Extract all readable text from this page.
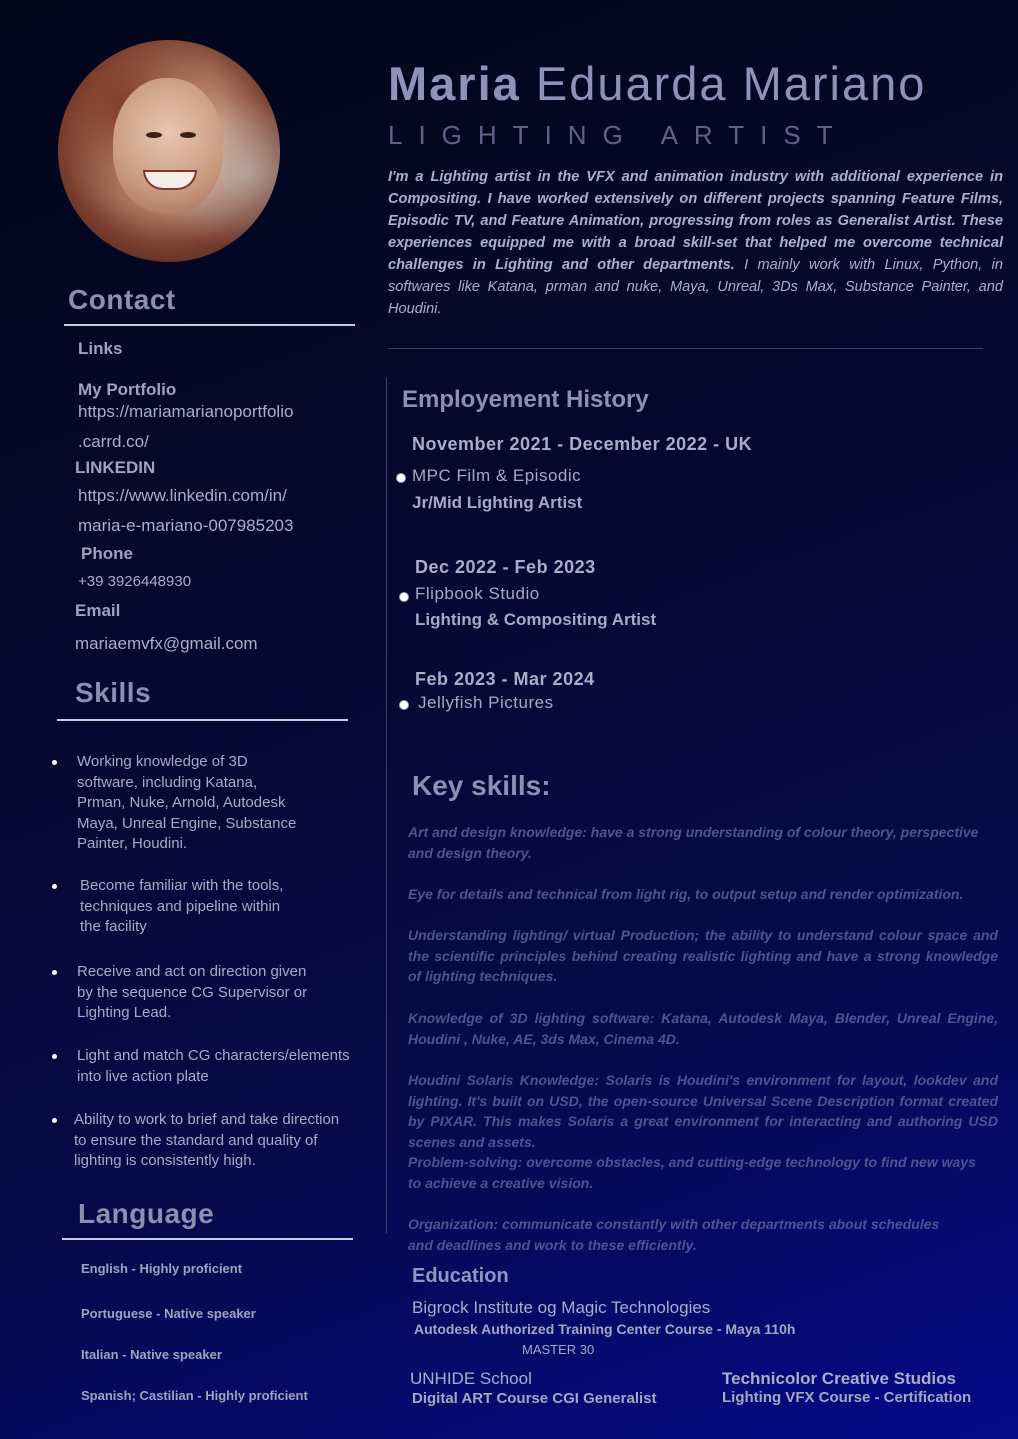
Maria Eduarda Mariano
LIGHTING ARTIST
I'm a Lighting artist in the VFX and animation industry with additional experience in Compositing. I have worked extensively on different projects spanning Feature Films, Episodic TV, and Feature Animation, progressing from roles as Generalist Artist. These experiences equipped me with a broad skill-set that helped me overcome technical challenges in Lighting and other departments. I mainly work with Linux, Python, in softwares like Katana, prman and nuke, Maya, Unreal, 3Ds Max, Substance Painter, and Houdini.
Contact
Links
My Portfolio
https://mariamarianoportfolio
.carrd.co/
LINKEDIN
https://www.linkedin.com/in/
maria-e-mariano-007985203
Phone
+39 3926448930
Email
mariaemvfx@gmail.com
Skills
Working knowledge of 3D
software, including Katana,
Prman, Nuke, Arnold, Autodesk
Maya, Unreal Engine, Substance
Painter, Houdini.
Become familiar with the tools,
techniques and pipeline within
the facility
Receive and act on direction given
by the sequence CG Supervisor or
Lighting Lead.
Light and match CG characters/elements
into live action plate
Ability to work to brief and take direction
to ensure the standard and quality of
lighting is consistently high.
Language
English - Highly proficient
Portuguese - Native speaker
Italian - Native speaker
Spanish; Castilian - Highly proficient
Employement History
November 2021 - December 2022 - UK
MPC Film & Episodic
Jr/Mid Lighting Artist
Dec 2022 - Feb 2023
Flipbook Studio
Lighting & Compositing Artist
Feb 2023 - Mar 2024
Jellyfish Pictures
Key skills:
Art and design knowledge: have a strong understanding of colour theory, perspective
and design theory.
Eye for details and technical from light rig, to output setup and render optimization.
Understanding lighting/ virtual Production; the ability to understand colour space and the scientific principles behind creating realistic lighting and have a strong knowledge of lighting techniques.
Knowledge of 3D lighting software: Katana, Autodesk Maya, Blender, Unreal Engine, Houdini , Nuke, AE, 3ds Max, Cinema 4D.
Houdini Solaris Knowledge: Solaris is Houdini's environment for layout, lookdev and lighting. It's built on USD, the open-source Universal Scene Description format created by PIXAR. This makes Solaris a great environment for interacting and authoring USD scenes and assets.
Problem-solving: overcome obstacles, and cutting-edge technology to find new ways
to achieve a creative vision.
Organization: communicate constantly with other departments about schedules
and deadlines and work to these efficiently.
Education
Bigrock Institute og Magic Technologies
Autodesk Authorized Training Center Course - Maya 110h
MASTER 30
UNHIDE School
Digital ART Course CGI Generalist
Technicolor Creative Studios
Lighting VFX Course - Certification
